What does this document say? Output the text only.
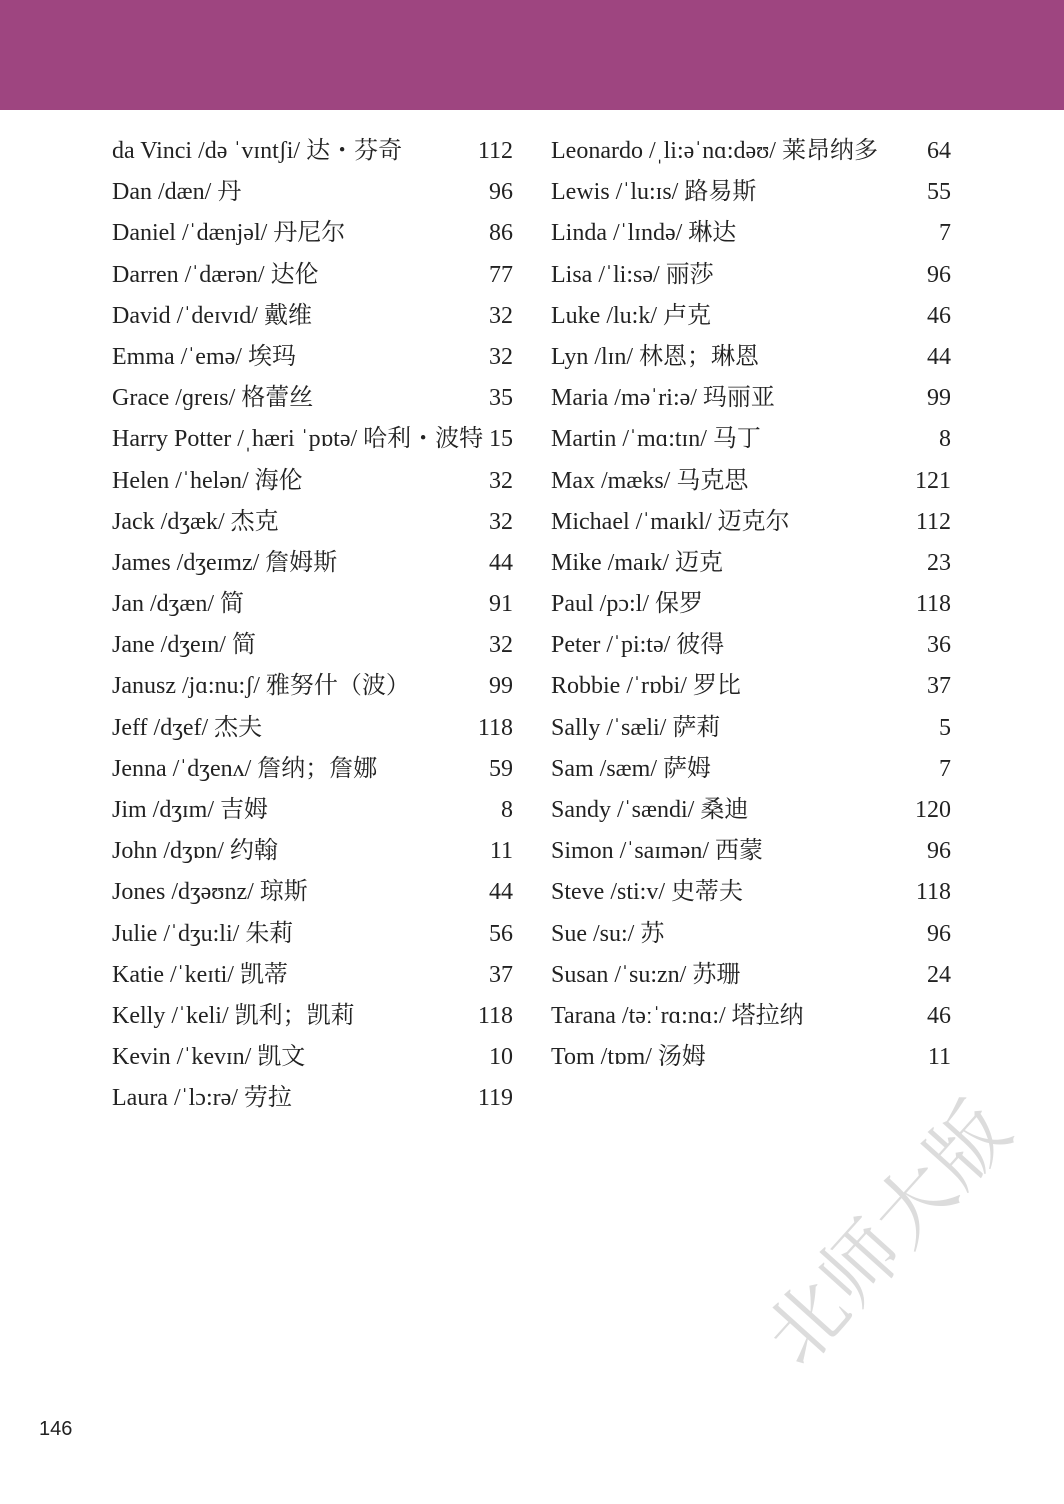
da Vinci /də ˈvɪntʃi/ 达・芬奇	112
Dan /dæn/ 丹	96
Daniel /ˈdænjəl/ 丹尼尔	86
Darren /ˈdærən/ 达伦	77
David /ˈdeɪvɪd/ 戴维	32
Emma /ˈemə/ 埃玛	32
Grace /ɡreɪs/ 格蕾丝	35
Harry Potter /ˌhæri ˈpɒtə/ 哈利・波特 15
Helen /ˈhelən/ 海伦	32
Jack /dʒæk/ 杰克	32
James /dʒeɪmz/ 詹姆斯	44
Jan /dʒæn/ 简	91
Jane /dʒeɪn/ 简	32
Janusz /jɑ:nu:ʃ/ 雅努什（波）	99
Jeff /dʒef/ 杰夫	118
Jenna /ˈdʒenʌ/ 詹纳；詹娜	59
Jim /dʒɪm/ 吉姆	8
John /dʒɒn/ 约翰	11
Jones /dʒəʊnz/ 琼斯	44
Julie /ˈdʒu:li/ 朱莉	56
Katie /ˈkeɪti/ 凯蒂	37
Kelly /ˈkeli/ 凯利；凯莉	118
Kevin /ˈkevɪn/ 凯文	10
Laura /ˈlɔ:rə/ 劳拉	119
Leonardo /ˌli:əˈnɑ:dəʊ/ 莱昂纳多 64
Lewis /ˈlu:ɪs/ 路易斯	55
Linda /ˈlɪndə/ 琳达	7
Lisa /ˈli:sə/ 丽莎	96
Luke /lu:k/ 卢克	46
Lyn /lɪn/ 林恩；琳恩	44
Maria /məˈri:ə/ 玛丽亚	99
Martin /ˈmɑ:tɪn/ 马丁	8
Max /mæks/ 马克思	121
Michael /ˈmaɪkl/ 迈克尔	112
Mike /maɪk/ 迈克	23
Paul /pɔ:l/ 保罗	118
Peter /ˈpi:tə/ 彼得	36
Robbie /ˈrɒbi/ 罗比	37
Sally /ˈsæli/ 萨莉	5
Sam /sæm/ 萨姆	7
Sandy /ˈsændi/ 桑迪	120
Simon /ˈsaɪmən/ 西蒙	96
Steve /sti:v/ 史蒂夫	118
Sue /su:/ 苏	96
Susan /ˈsu:zn/ 苏珊	24
Tarana /təːˈrɑ:nɑ:/ 塔拉纳	46
Tom /tɒm/ 汤姆	11
146
北师大版
